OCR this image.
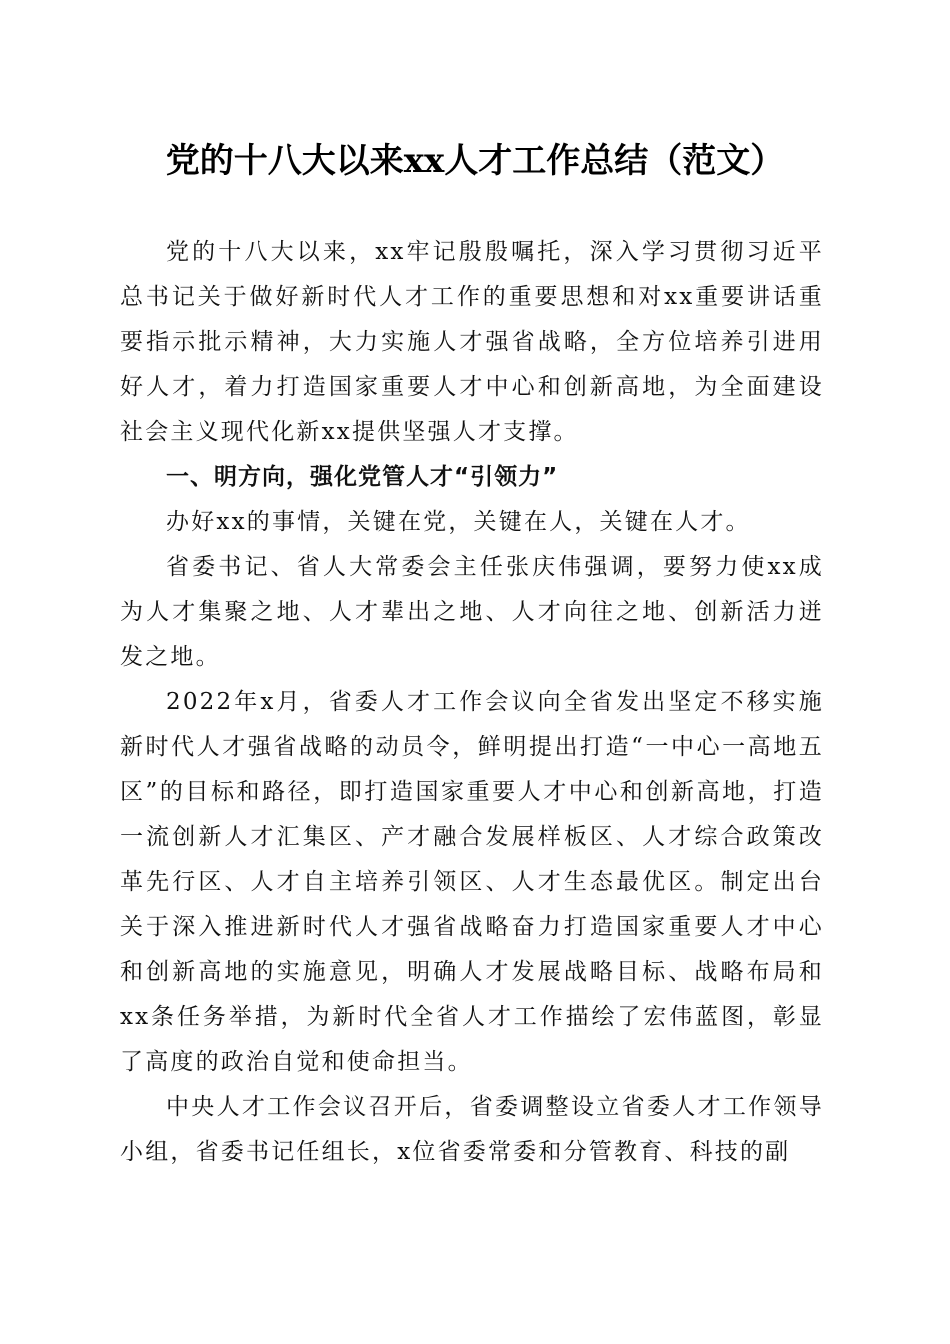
党的十八大以来xx人才工作总结（范文）

党的十八大以来，xx牢记殷殷嘱托，深入学习贯彻习近平总书记关于做好新时代人才工作的重要思想和对xx重要讲话重要指示批示精神，大力实施人才强省战略，全方位培养引进用好人才，着力打造国家重要人才中心和创新高地，为全面建设社会主义现代化新xx提供坚强人才支撑。

一、明方向，强化党管人才“引领力”

办好xx的事情，关键在党，关键在人，关键在人才。

省委书记、省人大常委会主任张庆伟强调，要努力使xx成为人才集聚之地、人才辈出之地、人才向往之地、创新活力迸发之地。

2022年x月，省委人才工作会议向全省发出坚定不移实施新时代人才强省战略的动员令，鲜明提出打造“一中心一高地五区”的目标和路径，即打造国家重要人才中心和创新高地，打造一流创新人才汇集区、产才融合发展样板区、人才综合政策改革先行区、人才自主培养引领区、人才生态最优区。制定出台关于深入推进新时代人才强省战略奋力打造国家重要人才中心和创新高地的实施意见，明确人才发展战略目标、战略布局和xx条任务举措，为新时代全省人才工作描绘了宏伟蓝图，彰显了高度的政治自觉和使命担当。

中央人才工作会议召开后，省委调整设立省委人才工作领导小组，省委书记任组长，x位省委常委和分管教育、科技的副
